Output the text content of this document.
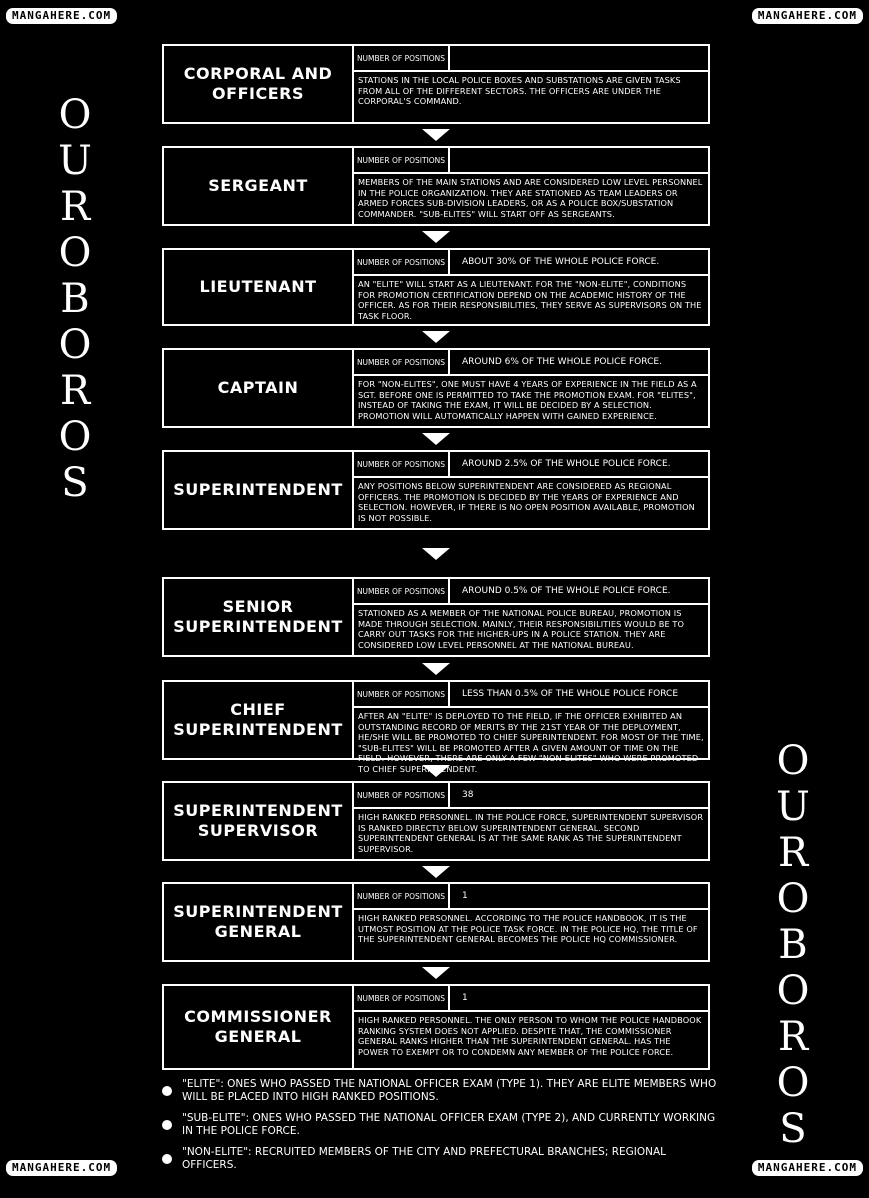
MANGAHERE.COM	MANGAHERE.COM
MANGAHERE.COM	MANGAHERE.COM
O
U
R
O
B
O
R
O
S
O
U
R
O
B
O
R
O
S
CORPORAL AND OFFICERS
NUMBER OF POSITIONS
STATIONS IN THE LOCAL POLICE BOXES AND SUBSTATIONS ARE GIVEN TASKS FROM ALL OF THE DIFFERENT SECTORS. THE OFFICERS ARE UNDER THE CORPORAL'S COMMAND.
SERGEANT
NUMBER OF POSITIONS
MEMBERS OF THE MAIN STATIONS AND ARE CONSIDERED LOW LEVEL PERSONNEL IN THE POLICE ORGANIZATION. THEY ARE STATIONED AS TEAM LEADERS OR ARMED FORCES SUB-DIVISION LEADERS, OR AS A POLICE BOX/SUBSTATION COMMANDER. "SUB-ELITES" WILL START OFF AS SERGEANTS.
LIEUTENANT
NUMBER OF POSITIONS	ABOUT 30% OF THE WHOLE POLICE FORCE.
AN "ELITE" WILL START AS A LIEUTENANT. FOR THE "NON-ELITE", CONDITIONS FOR PROMOTION CERTIFICATION DEPEND ON THE ACADEMIC HISTORY OF THE OFFICER. AS FOR THEIR RESPONSIBILITIES, THEY SERVE AS SUPERVISORS ON THE TASK FLOOR.
CAPTAIN
NUMBER OF POSITIONS	AROUND 6% OF THE WHOLE POLICE FORCE.
FOR "NON-ELITES", ONE MUST HAVE 4 YEARS OF EXPERIENCE IN THE FIELD AS A SGT. BEFORE ONE IS PERMITTED TO TAKE THE PROMOTION EXAM. FOR "ELITES", INSTEAD OF TAKING THE EXAM, IT WILL BE DECIDED BY A SELECTION. PROMOTION WILL AUTOMATICALLY HAPPEN WITH GAINED EXPERIENCE.
SUPERINTENDENT
NUMBER OF POSITIONS	AROUND 2.5% OF THE WHOLE POLICE FORCE.
ANY POSITIONS BELOW SUPERINTENDENT ARE CONSIDERED AS REGIONAL OFFICERS. THE PROMOTION IS DECIDED BY THE YEARS OF EXPERIENCE AND SELECTION. HOWEVER, IF THERE IS NO OPEN POSITION AVAILABLE, PROMOTION IS NOT POSSIBLE.
SENIOR SUPERINTENDENT
NUMBER OF POSITIONS	AROUND 0.5% OF THE WHOLE POLICE FORCE.
STATIONED AS A MEMBER OF THE NATIONAL POLICE BUREAU, PROMOTION IS MADE THROUGH SELECTION. MAINLY, THEIR RESPONSIBILITIES WOULD BE TO CARRY OUT TASKS FOR THE HIGHER-UPS IN A POLICE STATION. THEY ARE CONSIDERED LOW LEVEL PERSONNEL AT THE NATIONAL BUREAU.
CHIEF SUPERINTENDENT
NUMBER OF POSITIONS	LESS THAN 0.5% OF THE WHOLE POLICE FORCE
AFTER AN "ELITE" IS DEPLOYED TO THE FIELD, IF THE OFFICER EXHIBITED AN OUTSTANDING RECORD OF MERITS BY THE 21ST YEAR OF THE DEPLOYMENT, HE/SHE WILL BE PROMOTED TO CHIEF SUPERINTENDENT. FOR MOST OF THE TIME, "SUB-ELITES" WILL BE PROMOTED AFTER A GIVEN AMOUNT OF TIME ON THE FIELD. HOWEVER, THERE ARE ONLY A FEW "NON-ELITES" WHO WERE PROMOTED TO CHIEF SUPERINTENDENT.
SUPERINTENDENT SUPERVISOR
NUMBER OF POSITIONS	38
HIGH RANKED PERSONNEL. IN THE POLICE FORCE, SUPERINTENDENT SUPERVISOR IS RANKED DIRECTLY BELOW SUPERINTENDENT GENERAL. SECOND SUPERINTENDENT GENERAL IS AT THE SAME RANK AS THE SUPERINTENDENT SUPERVISOR.
SUPERINTENDENT GENERAL
NUMBER OF POSITIONS	1
HIGH RANKED PERSONNEL. ACCORDING TO THE POLICE HANDBOOK, IT IS THE UTMOST POSITION AT THE POLICE TASK FORCE. IN THE POLICE HQ, THE TITLE OF THE SUPERINTENDENT GENERAL BECOMES THE POLICE HQ COMMISSIONER.
COMMISSIONER GENERAL
NUMBER OF POSITIONS	1
HIGH RANKED PERSONNEL. THE ONLY PERSON TO WHOM THE POLICE HANDBOOK RANKING SYSTEM DOES NOT APPLIED. DESPITE THAT, THE COMMISSIONER GENERAL RANKS HIGHER THAN THE SUPERINTENDENT GENERAL. HAS THE POWER TO EXEMPT OR TO CONDEMN ANY MEMBER OF THE POLICE FORCE.
"ELITE": ONES WHO PASSED THE NATIONAL OFFICER EXAM (TYPE 1). THEY ARE ELITE MEMBERS WHO WILL BE PLACED INTO HIGH RANKED POSITIONS.
"SUB-ELITE": ONES WHO PASSED THE NATIONAL OFFICER EXAM (TYPE 2), AND CURRENTLY WORKING IN THE POLICE FORCE.
"NON-ELITE": RECRUITED MEMBERS OF THE CITY AND PREFECTURAL BRANCHES; REGIONAL OFFICERS.
